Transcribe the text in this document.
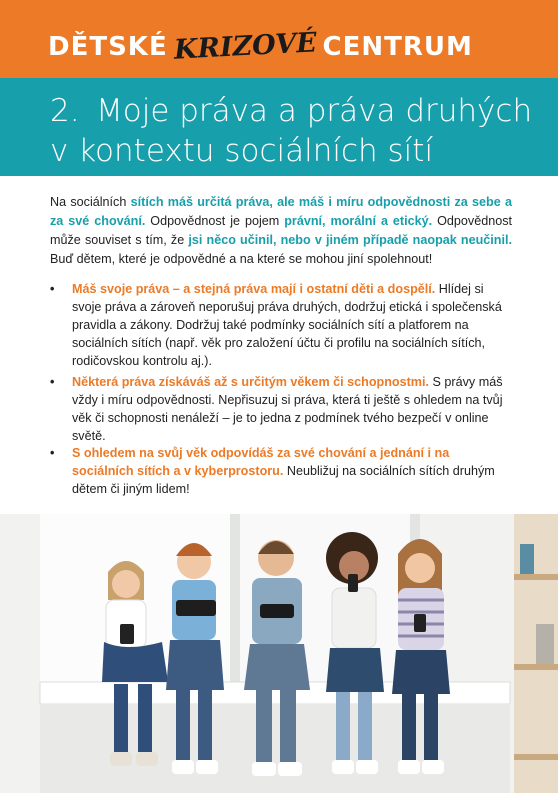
DĚTSKÉ KRIZOVÉ CENTRUM
2. Moje práva a práva druhých
v kontextu sociálních sítí

Na sociálních sítích máš určitá práva, ale máš i míru odpovědnosti za sebe a za své chování. Odpovědnost je pojem právní, morální a etický. Odpovědnost může souviset s tím, že jsi něco učinil, nebo v jiném případě naopak neučinil. Buď dětem, které je odpovědné a na které se mohou jiní spolehnout!

•	Máš svoje práva – a stejná práva mají i ostatní děti a dospělí. Hlídej si svoje práva a zároveň neporušuj práva druhých, dodržuj etická i společenská pravidla a zákony. Dodržuj také podmínky sociálních sítí a platforem na sociálních sítích (např. věk pro založení účtu či profilu na sociálních sítích, rodičovskou kontrolu aj.).
•	Některá práva získáváš až s určitým věkem či schopnostmi. S právy máš vždy i míru odpovědnosti. Nepřisuzuj si práva, která ti ještě s ohledem na tvůj věk či schopnosti nenáleží – je to jedna z podmínek tvého bezpečí v online světě.
•	S ohledem na svůj věk odpovídáš za své chování a jednání i na sociálních sítích a v kyberprostoru. Neubližuj na sociálních sítích druhým dětem či jiným lidem!
